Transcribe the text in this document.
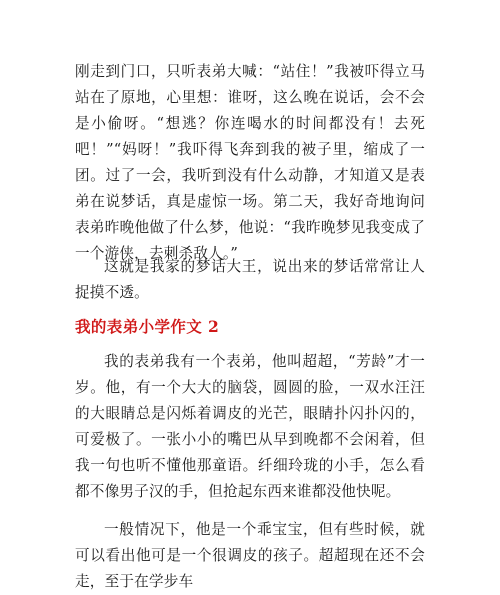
刚走到门口，只听表弟大喊：“站住！”我被吓得立马站在了原地，心里想：谁呀，这么晚在说话，会不会是小偷呀。“想逃？你连喝水的时间都没有！去死吧！”“妈呀！”我吓得飞奔到我的被子里，缩成了一团。过了一会，我听到没有什么动静，才知道又是表弟在说梦话，真是虚惊一场。第二天，我好奇地询问表弟昨晚他做了什么梦，他说：“我昨晚梦见我变成了一个游侠，去刺杀敌人。”

这就是我家的梦话大王，说出来的梦话常常让人捉摸不透。

我的表弟小学作文 2

我的表弟我有一个表弟，他叫超超，“芳龄”才一岁。他，有一个大大的脑袋，圆圆的脸，一双水汪汪的大眼睛总是闪烁着调皮的光芒，眼睛扑闪扑闪的，可爱极了。一张小小的嘴巴从早到晚都不会闲着，但我一句也听不懂他那童语。纤细玲珑的小手，怎么看都不像男子汉的手，但抢起东西来谁都没他快呢。

一般情况下，他是一个乖宝宝，但有些时候，就可以看出他可是一个很调皮的孩子。超超现在还不会走，至于在学步车
